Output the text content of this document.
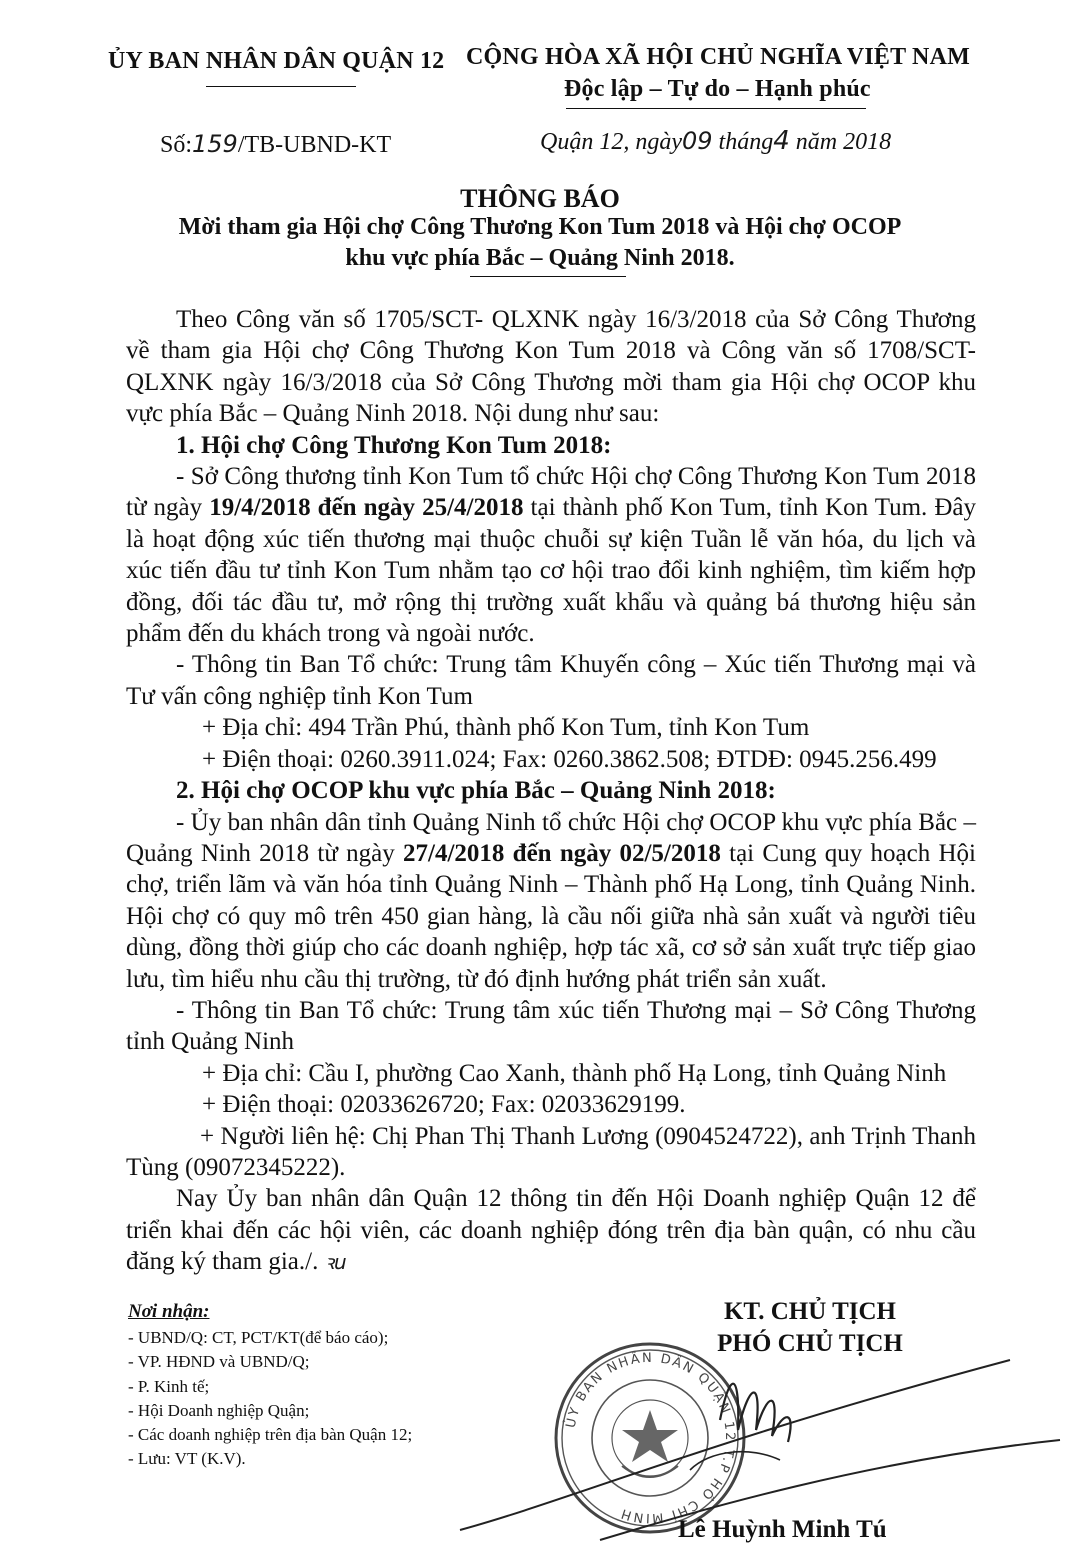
ỦY BAN NHÂN DÂN QUẬN 12 CỘNG HÒA XÃ HỘI CHỦ NGHĨA VIỆT NAM
Độc lập – Tự do – Hạnh phúc
Số:159/TB-UBND-KT	Quận 12, ngày09 tháng4 năm 2018
THÔNG BÁO
Mời tham gia Hội chợ Công Thương Kon Tum 2018 và Hội chợ OCOP
khu vực phía Bắc – Quảng Ninh 2018.

Theo Công văn số 1705/SCT- QLXNK ngày 16/3/2018 của Sở Công Thương về tham gia Hội chợ Công Thương Kon Tum 2018 và Công văn số 1708/SCT- QLXNK ngày 16/3/2018 của Sở Công Thương mời tham gia Hội chợ OCOP khu vực phía Bắc – Quảng Ninh 2018. Nội dung như sau:

1. Hội chợ Công Thương Kon Tum 2018:

- Sở Công thương tỉnh Kon Tum tổ chức Hội chợ Công Thương Kon Tum 2018 từ ngày 19/4/2018 đến ngày 25/4/2018 tại thành phố Kon Tum, tỉnh Kon Tum. Đây là hoạt động xúc tiến thương mại thuộc chuỗi sự kiện Tuần lễ văn hóa, du lịch và xúc tiến đầu tư tỉnh Kon Tum nhằm tạo cơ hội trao đổi kinh nghiệm, tìm kiếm hợp đồng, đối tác đầu tư, mở rộng thị trường xuất khẩu và quảng bá thương hiệu sản phẩm đến du khách trong và ngoài nước.

- Thông tin Ban Tổ chức: Trung tâm Khuyến công – Xúc tiến Thương mại và Tư vấn công nghiệp tỉnh Kon Tum

+ Địa chỉ: 494 Trần Phú, thành phố Kon Tum, tỉnh Kon Tum

+ Điện thoại: 0260.3911.024; Fax: 0260.3862.508; ĐTDĐ: 0945.256.499

2. Hội chợ OCOP khu vực phía Bắc – Quảng Ninh 2018:

- Ủy ban nhân dân tỉnh Quảng Ninh tổ chức Hội chợ OCOP khu vực phía Bắc – Quảng Ninh 2018 từ ngày 27/4/2018 đến ngày 02/5/2018 tại Cung quy hoạch Hội chợ, triển lãm và văn hóa tỉnh Quảng Ninh – Thành phố Hạ Long, tỉnh Quảng Ninh. Hội chợ có quy mô trên 450 gian hàng, là cầu nối giữa nhà sản xuất và người tiêu dùng, đồng thời giúp cho các doanh nghiệp, hợp tác xã, cơ sở sản xuất trực tiếp giao lưu, tìm hiểu nhu cầu thị trường, từ đó định hướng phát triển sản xuất.

- Thông tin Ban Tổ chức: Trung tâm xúc tiến Thương mại – Sở Công Thương tỉnh Quảng Ninh

+ Địa chỉ: Cầu I, phường Cao Xanh, thành phố Hạ Long, tỉnh Quảng Ninh

+ Điện thoại: 02033626720; Fax: 02033629199.

+ Người liên hệ: Chị Phan Thị Thanh Lương (0904524722), anh Trịnh Thanh Tùng (09072345222).

Nay Ủy ban nhân dân Quận 12 thông tin đến Hội Doanh nghiệp Quận 12 để triển khai đến các hội viên, các doanh nghiệp đóng trên địa bàn quận, có nhu cầu đăng ký tham gia./. ꝛu

Nơi nhận:
- UBND/Q: CT, PCT/KT(để báo cáo);
- VP. HĐND và UBND/Q;
- P. Kinh tế;
- Hội Doanh nghiệp Quận;
- Các doanh nghiệp trên địa bàn Quận 12;
- Lưu: VT (K.V).
KT. CHỦ TỊCH
PHÓ CHỦ TỊCH
ỦY BAN NHÂN DÂN QUẬN 12 T.P HỒ CHÍ MINH
Lê Huỳnh Minh Tú
